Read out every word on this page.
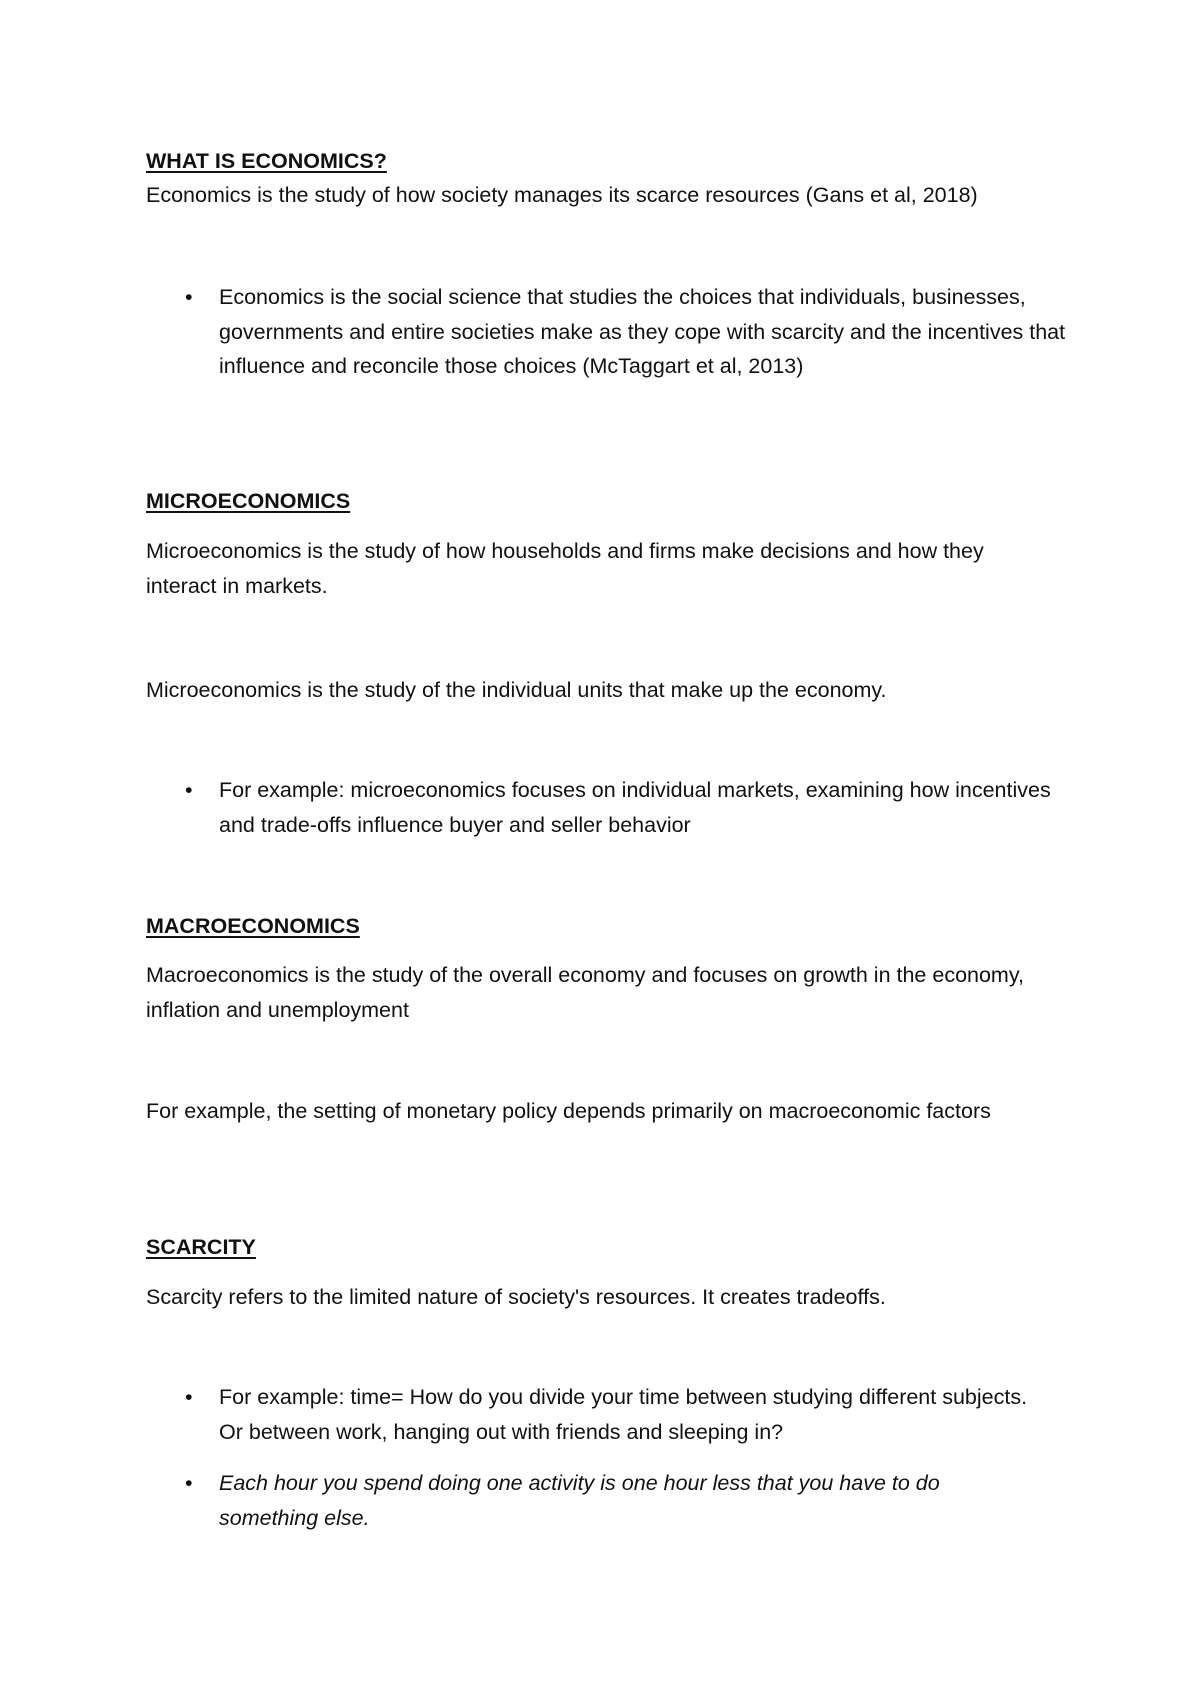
WHAT IS ECONOMICS?
Economics is the study of how society manages its scarce resources (Gans et al, 2018)
• Economics is the social science that studies the choices that individuals, businesses, governments and entire societies make as they cope with scarcity and the incentives that influence and reconcile those choices (McTaggart et al, 2013)
MICROECONOMICS
Microeconomics is the study of how households and firms make decisions and how they interact in markets.
Microeconomics is the study of the individual units that make up the economy.
• For example: microeconomics focuses on individual markets, examining how incentives and trade-offs influence buyer and seller behavior
MACROECONOMICS
Macroeconomics is the study of the overall economy and focuses on growth in the economy, inflation and unemployment
For example, the setting of monetary policy depends primarily on macroeconomic factors
SCARCITY
Scarcity refers to the limited nature of society's resources. It creates tradeoffs.
• For example: time= How do you divide your time between studying different subjects. Or between work, hanging out with friends and sleeping in?
• Each hour you spend doing one activity is one hour less that you have to do something else.
